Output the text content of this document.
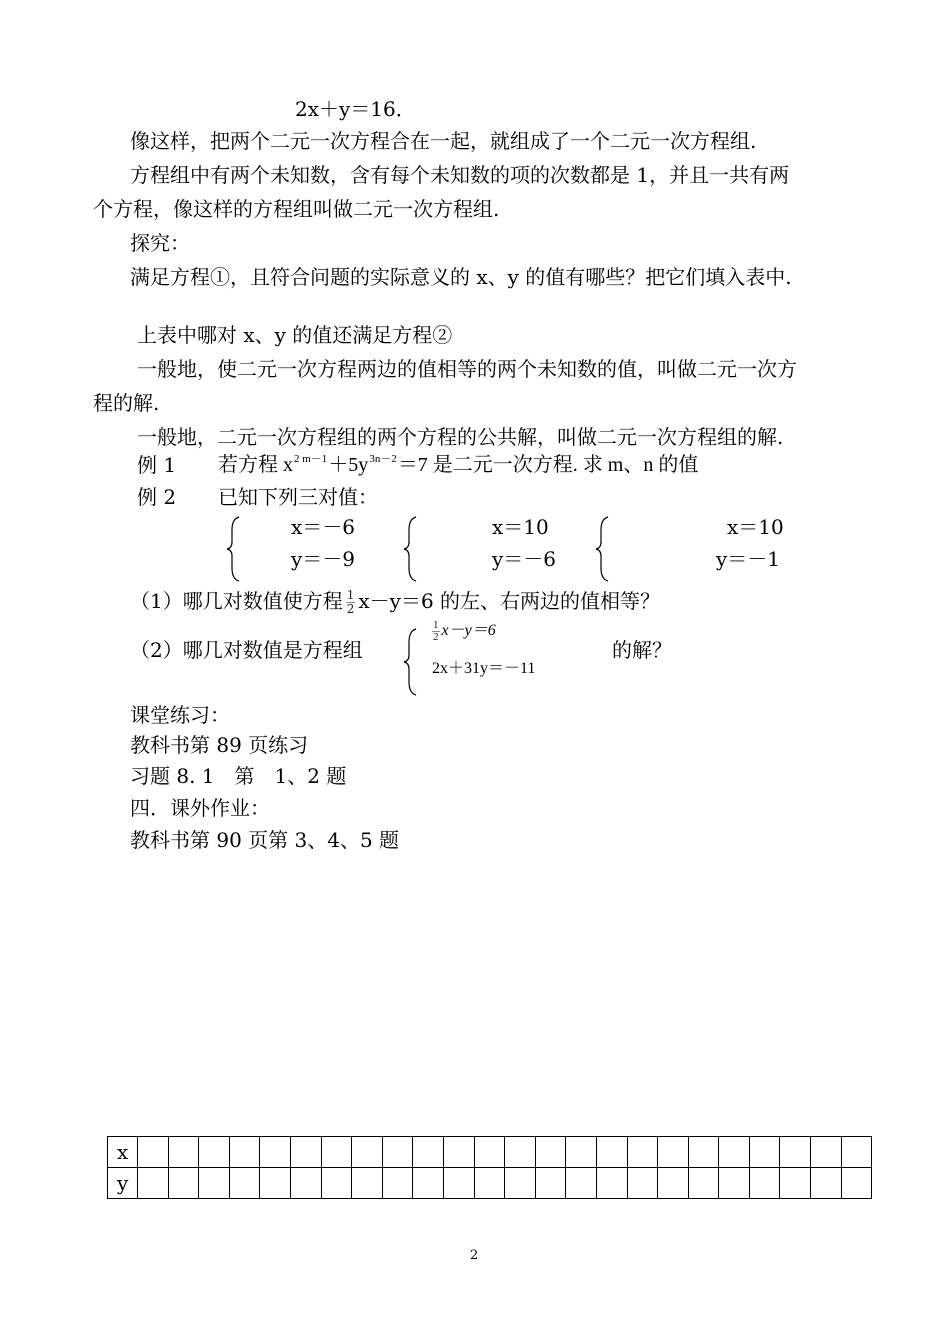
2x＋y＝16．
像这样，把两个二元一次方程合在一起，就组成了一个二元一次方程组.
方程组中有两个未知数，含有每个未知数的项的次数都是 1，并且一共有两
个方程，像这样的方程组叫做二元一次方程组.
探究：
满足方程①，且符合问题的实际意义的 x、y 的值有哪些？把它们填入表中.
上表中哪对 x、y 的值还满足方程②
一般地，使二元一次方程两边的值相等的两个未知数的值，叫做二元一次方
程的解.
一般地，二元一次方程组的两个方程的公共解，叫做二元一次方程组的解.
例 1 若方程 $x^{2 m-1}+5y^{3n-2}=7$ 是二元一次方程. 求 m、n 的值
例 2 已知下列三对值：
x＝－6
y＝－9
x＝10
y＝－6
x＝10
y＝－1
（1）哪几对数值使方程 $\frac{1}{2} x-y=6$ 的左、右两边的值相等？
（2）哪几对数值是方程组
$\frac{1}{2} x-y=6$
2x＋31y＝－11
的解？
课堂练习：
教科书第 89 页练习
习题 8. 1　第　1、2 题
四．课外作业：
教科书第 90 页第 3、4、5 题
x																								
y																								
2
